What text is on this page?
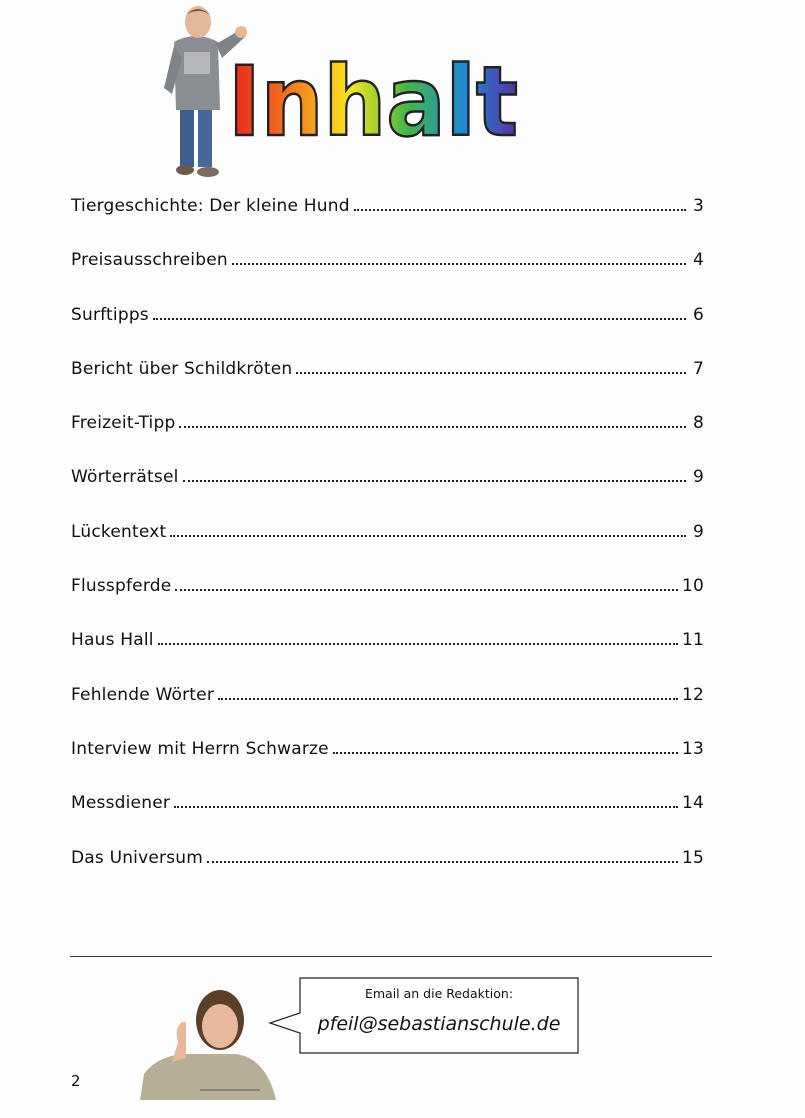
Inhalt
Tiergeschichte: Der kleine Hund	3
Preisausschreiben	4
Surftipps	6
Bericht über Schildkröten	7
Freizeit-Tipp	8
Wörterrätsel	9
Lückentext	9
Flusspferde	10
Haus Hall	11
Fehlende Wörter	12
Interview mit Herrn Schwarze	13
Messdiener	14
Das Universum	15
Email an die Redaktion:
pfeil@sebastianschule.de
2
